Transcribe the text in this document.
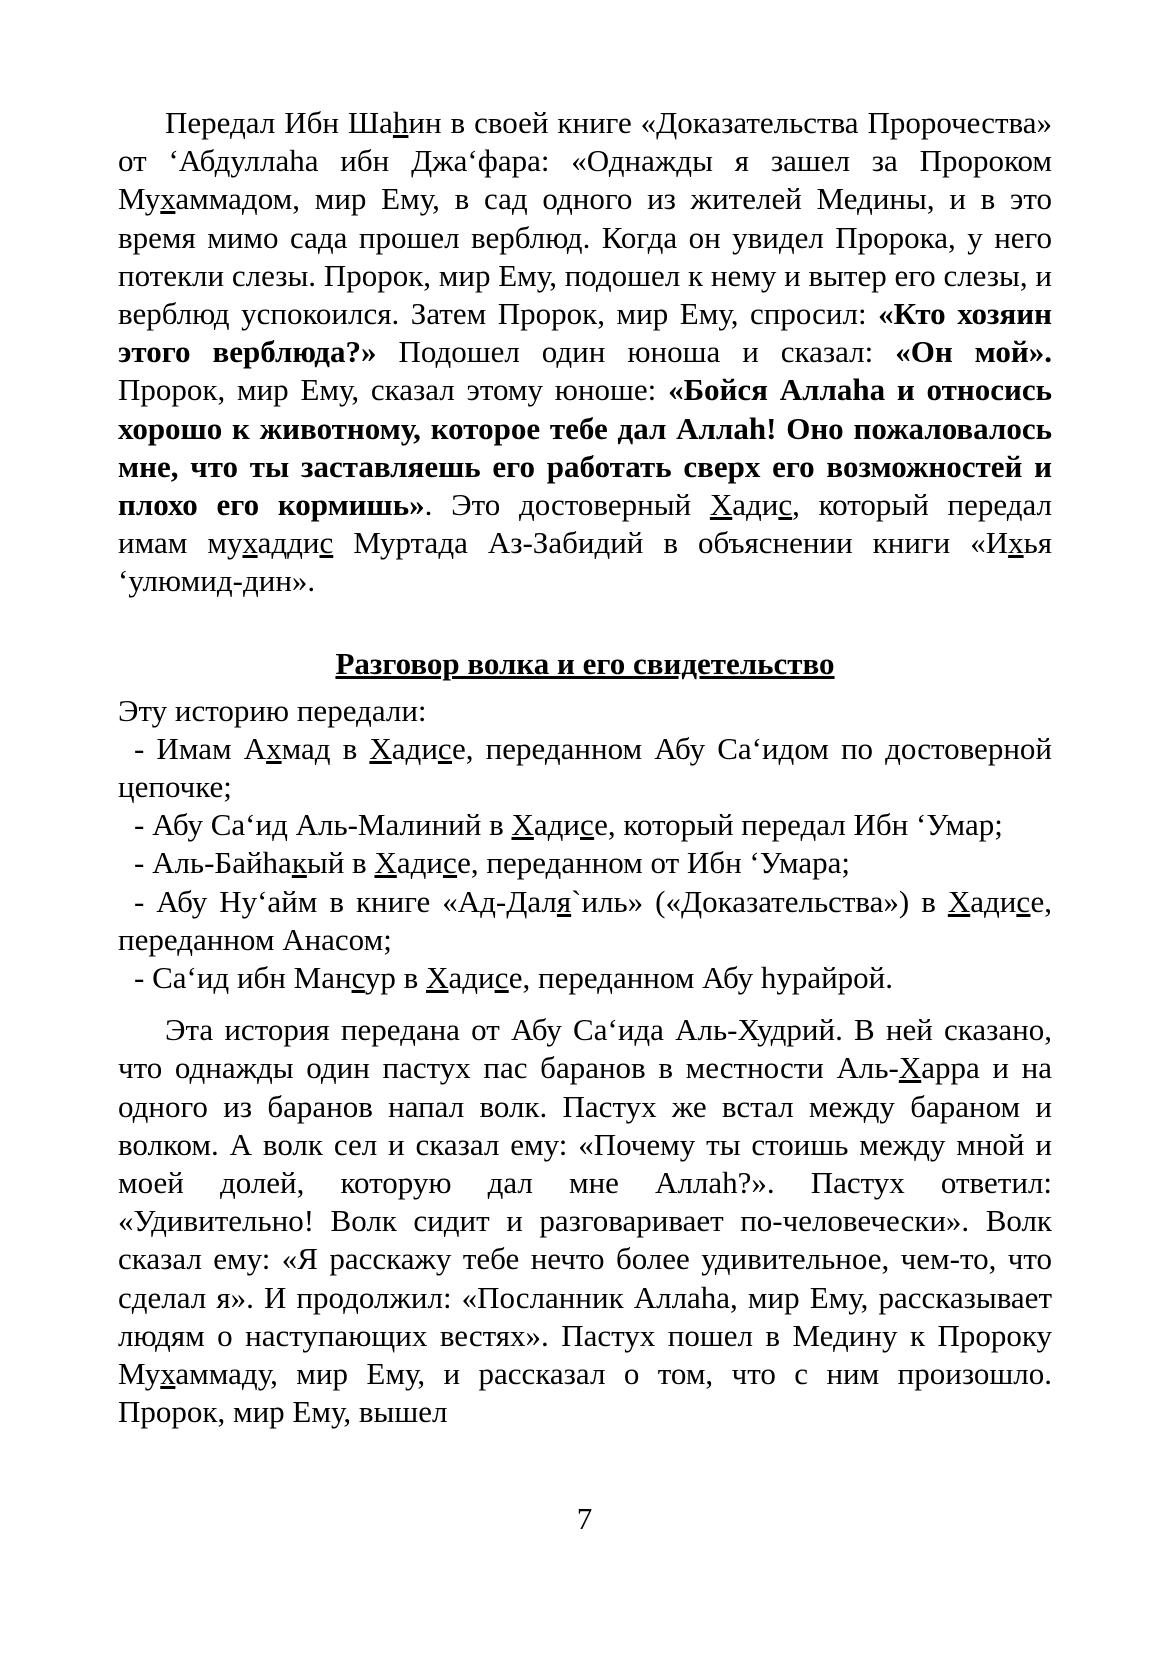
Передал Ибн Шаhин в своей книге «Доказательства Пророчества» от ‘Абдуллаhа ибн Джа‘фара: «Однажды я зашел за Пророком Мухаммадом, мир Ему, в сад одного из жителей Медины, и в это время мимо сада прошел верблюд. Когда он увидел Пророка, у него потекли слезы. Пророк, мир Ему, подошел к нему и вытер его слезы, и верблюд успокоился. Затем Пророк, мир Ему, спросил: «Кто хозяин этого верблюда?» Подошел один юноша и сказал: «Он мой». Пророк, мир Ему, сказал этому юноше: «Бойся Аллаhа и относись хорошо к животному, которое тебе дал Аллаh! Оно пожаловалось мне, что ты заставляешь его работать сверх его возможностей и плохо его кормишь». Это достоверный Хадис, который передал имам мухаддис Муртада Аз-Забидий в объяснении книги «Ихья ‘улюмид-дин».

Разговор волка и его свидетельство

Эту историю передали:

- Имам Ахмад в Хадисе, переданном Абу Са‘идом по достоверной цепочке;

- Абу Са‘ид Аль-Малиний в Хадисе, который передал Ибн ‘Умар;

- Аль-Байhакый в Хадисе, переданном от Ибн ‘Умара;

- Абу Ну‘айм в книге «Ад-Даля`иль» («Доказательства») в Хадисе, переданном Анасом;

- Са‘ид ибн Мансур в Хадисе, переданном Абу hурайрой.

Эта история передана от Абу Са‘ида Аль-Худрий. В ней сказано, что однажды один пастух пас баранов в местности Аль-Харра и на одного из баранов напал волк. Пастух же встал между бараном и волком. А волк сел и сказал ему: «Почему ты стоишь между мной и моей долей, которую дал мне Аллаh?». Пастух ответил: «Удивительно! Волк сидит и разговаривает по-человечески». Волк сказал ему: «Я расскажу тебе нечто более удивительное, чем-то, что сделал я». И продолжил: «Посланник Аллаhа, мир Ему, рассказывает людям о наступающих вестях». Пастух пошел в Медину к Пророку Мухаммаду, мир Ему, и рассказал о том, что с ним произошло. Пророк, мир Ему, вышел

7
